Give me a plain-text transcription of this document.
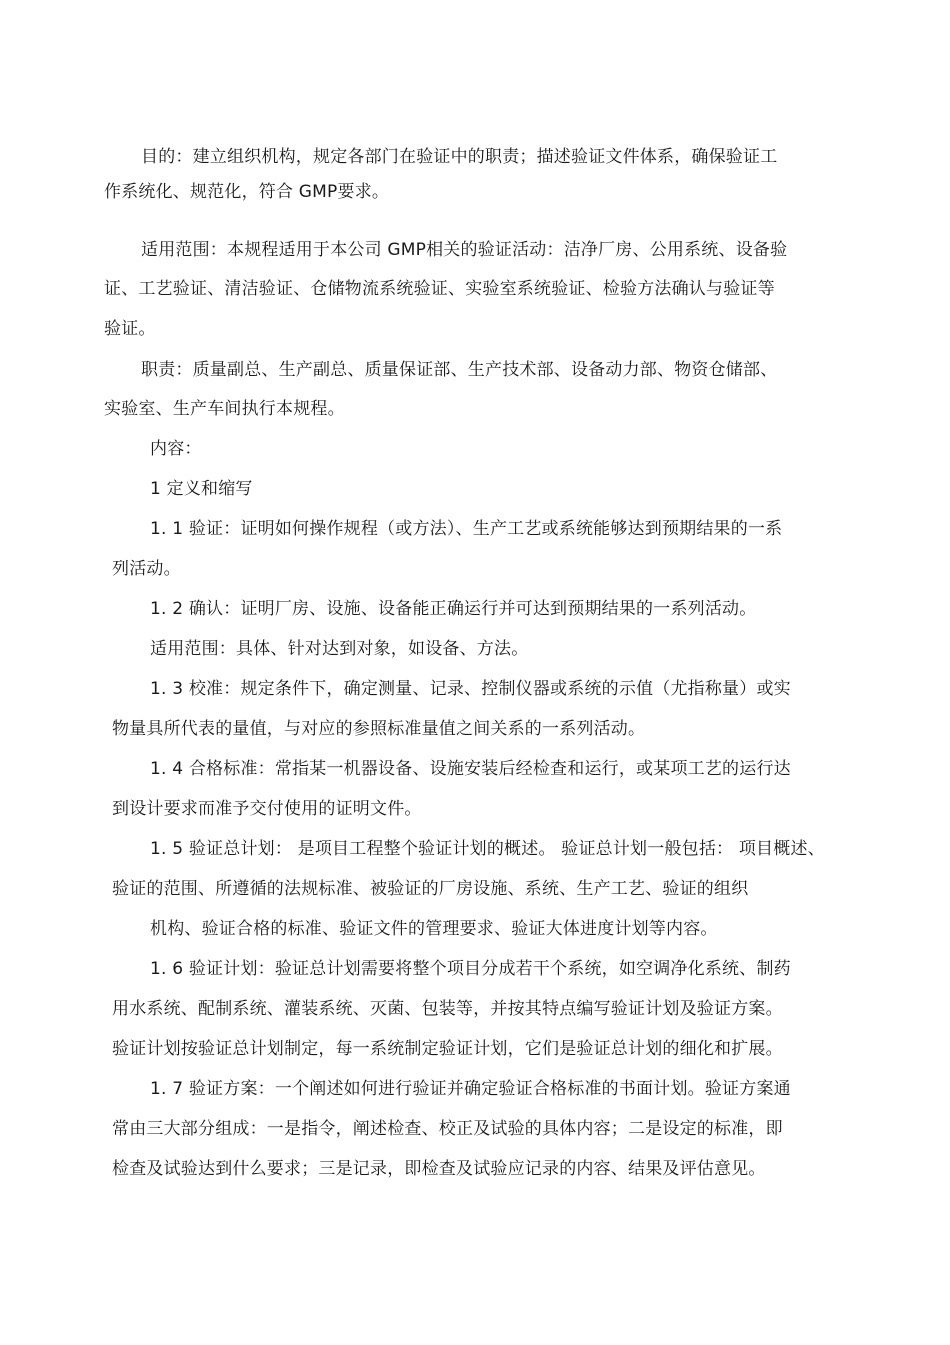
目的：建立组织机构，规定各部门在验证中的职责；描述验证文件体系，确保验证工
作系统化、规范化，符合 GMP要求。
适用范围：本规程适用于本公司 GMP相关的验证活动：洁净厂房、公用系统、设备验
证、工艺验证、清洁验证、仓储物流系统验证、实验室系统验证、检验方法确认与验证等
验证。
职责：质量副总、生产副总、质量保证部、生产技术部、设备动力部、物资仓储部、
实验室、生产车间执行本规程。
内容：
1 定义和缩写
1. 1 验证：证明如何操作规程（或方法）、生产工艺或系统能够达到预期结果的一系
列活动。
1. 2 确认：证明厂房、设施、设备能正确运行并可达到预期结果的一系列活动。
适用范围：具体、针对达到对象，如设备、方法。
1. 3 校准：规定条件下，确定测量、记录、控制仪器或系统的示值（尤指称量）或实
物量具所代表的量值，与对应的参照标准量值之间关系的一系列活动。
1. 4 合格标准：常指某一机器设备、设施安装后经检查和运行，或某项工艺的运行达
到设计要求而准予交付使用的证明文件。
1. 5 验证总计划： 是项目工程整个验证计划的概述。 验证总计划一般包括： 项目概述、
验证的范围、所遵循的法规标准、被验证的厂房设施、系统、生产工艺、验证的组织
机构、验证合格的标准、验证文件的管理要求、验证大体进度计划等内容。
1. 6 验证计划：验证总计划需要将整个项目分成若干个系统，如空调净化系统、制药
用水系统、配制系统、灌装系统、灭菌、包装等，并按其特点编写验证计划及验证方案。
验证计划按验证总计划制定，每一系统制定验证计划，它们是验证总计划的细化和扩展。
1. 7 验证方案：一个阐述如何进行验证并确定验证合格标准的书面计划。验证方案通
常由三大部分组成：一是指令，阐述检查、校正及试验的具体内容；二是设定的标准，即
检查及试验达到什么要求；三是记录，即检查及试验应记录的内容、结果及评估意见。
